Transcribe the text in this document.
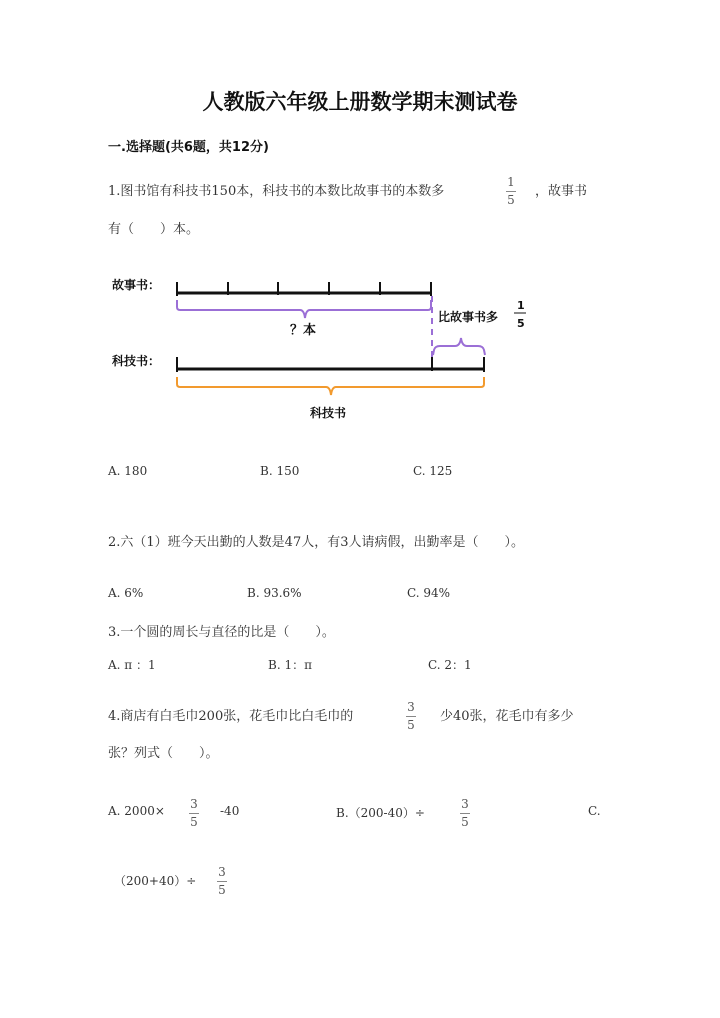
人教版六年级上册数学期末测试卷
一.选择题(共6题，共12分)
1.图书馆有科技书150本，科技书的本数比故事书的本数多
1
5
，故事书
有（　　）本。
故事书：
科技书：
？本
比故事书多
1
5
科技书
A. 180	B. 150	C. 125
2.六（1）班今天出勤的人数是47人，有3人请病假，出勤率是（　　）。
A. 6%	B. 93.6%	C. 94%
3.一个圆的周长与直径的比是（　　）。
A. π ：1	B. 1：π	C. 2：1
4.商店有白毛巾200张，花毛巾比白毛巾的
3
5
少40张，花毛巾有多少
张？列式（　　）。
A. 2000× 3
5
-40	B.（200-40）÷
3
5
C.
（200+40）÷
3
5
